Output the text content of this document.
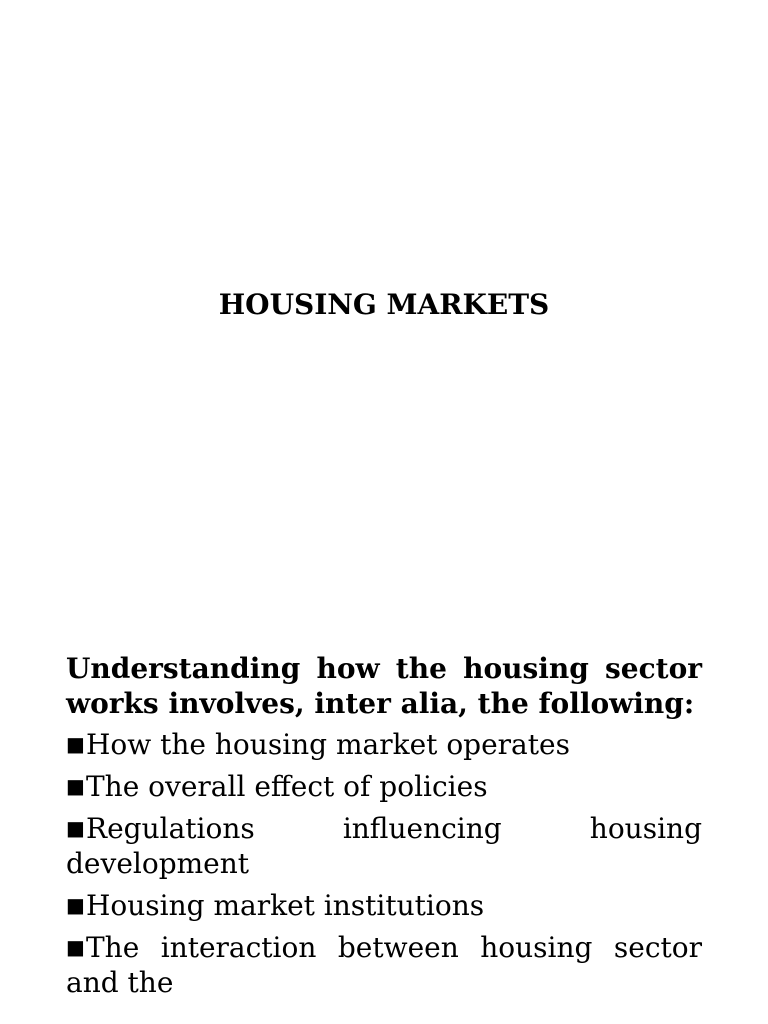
HOUSING MARKETS

Understanding how the housing sector works involves, inter alia, the following:

■How the housing market operates
■The overall effect of policies
■Regulations influencing housing development
■Housing market institutions
■The interaction between housing sector and the
